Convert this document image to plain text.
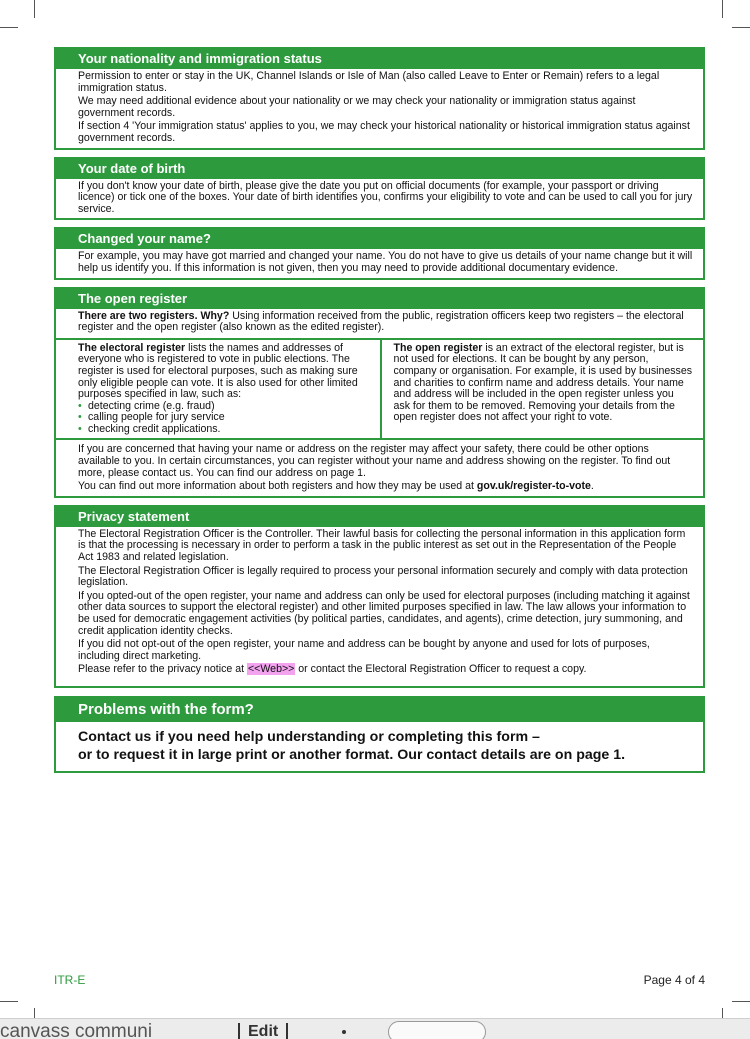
Your nationality and immigration status

Permission to enter or stay in the UK, Channel Islands or Isle of Man (also called Leave to Enter or Remain) refers to a legal immigration status.

We may need additional evidence about your nationality or we may check your nationality or immigration status against government records.

If section 4 'Your immigration status' applies to you, we may check your historical nationality or historical immigration status against government records.

Your date of birth

If you don't know your date of birth, please give the date you put on official documents (for example, your passport or driving licence) or tick one of the boxes. Your date of birth identifies you, confirms your eligibility to vote and can be used to call you for jury service.

Changed your name?

For example, you may have got married and changed your name. You do not have to give us details of your name change but it will help us identify you. If this information is not given, then you may need to provide additional documentary evidence.

The open register

There are two registers. Why? Using information received from the public, registration officers keep two registers – the electoral register and the open register (also known as the edited register).

The electoral register lists the names and addresses of everyone who is registered to vote in public elections. The register is used for electoral purposes, such as making sure only eligible people can vote. It is also used for other limited purposes specified in law, such as:
• detecting crime (e.g. fraud)
• calling people for jury service
• checking credit applications.
The open register is an extract of the electoral register, but is not used for elections. It can be bought by any person, company or organisation. For example, it is used by businesses and charities to confirm name and address details. Your name and address will be included in the open register unless you ask for them to be removed. Removing your details from the open register does not affect your right to vote.

If you are concerned that having your name or address on the register may affect your safety, there could be other options available to you. In certain circumstances, you can register without your name and address showing on the register. To find out more, please contact us. You can find our address on page 1.

You can find out more information about both registers and how they may be used at gov.uk/register-to-vote.

Privacy statement

The Electoral Registration Officer is the Controller. Their lawful basis for collecting the personal information in this application form is that the processing is necessary in order to perform a task in the public interest as set out in the Representation of the People Act 1983 and related legislation.

The Electoral Registration Officer is legally required to process your personal information securely and comply with data protection legislation.

If you opted-out of the open register, your name and address can only be used for electoral purposes (including matching it against other data sources to support the electoral register) and other limited purposes specified in law. The law allows your information to be used for democratic engagement activities (by political parties, candidates, and agents), crime detection, jury summoning, and credit application identity checks.

If you did not opt-out of the open register, your name and address can be bought by anyone and used for lots of purposes, including direct marketing.

Please refer to the privacy notice at <<Web>> or contact the Electoral Registration Officer to request a copy.

Problems with the form?
Contact us if you need help understanding or completing this form –
or to request it in large print or another format. Our contact details are on page 1.
ITR-E	Page 4 of 4
canvass communi	Edit
